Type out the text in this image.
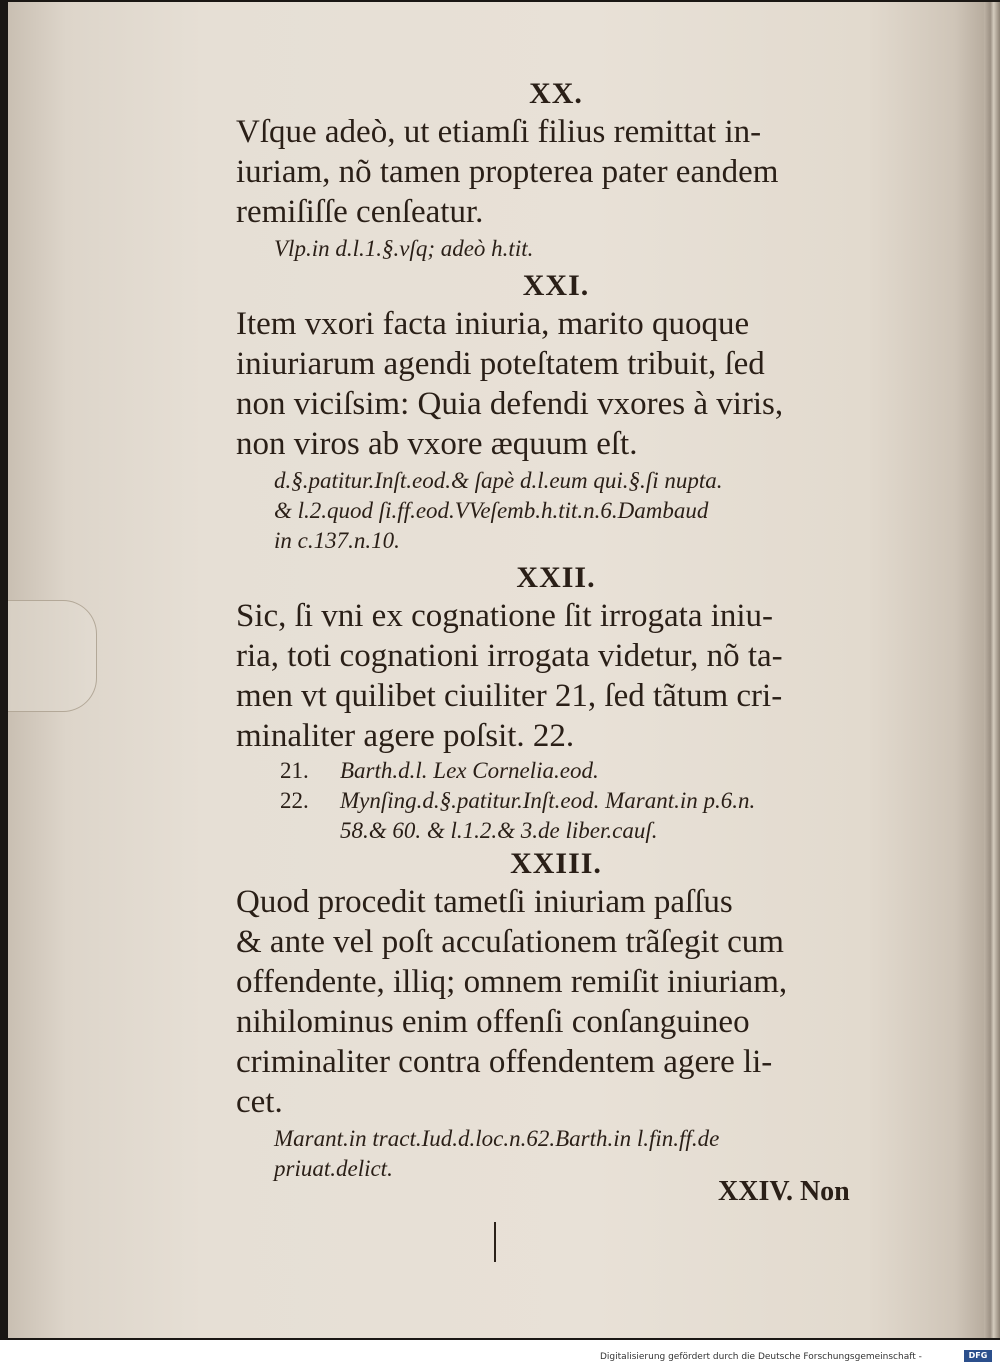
XX.

Vſque adeò, ut etiamſi filius remittat in-
iuriam, nõ tamen propterea pater eandem
remiſiſſe cenſeatur.

Vlp.in d.l.1.§.vſq; adeò h.tit.
XXI.

Item vxori facta iniuria, marito quoque
iniuriarum agendi poteſtatem tribuit, ſed
non viciſsim: Quia defendi vxores à viris,
non viros ab vxore æquum eſt.

d.§.patitur.Inſt.eod.& ſapè d.l.eum qui.§.ſi nupta.
& l.2.quod ſi.ff.eod.VVeſemb.h.tit.n.6.Dambaud
in c.137.n.10.
XXII.

Sic, ſi vni ex cognatione ſit irrogata iniu-
ria, toti cognationi irrogata videtur, nõ ta-
men vt quilibet ciuiliter 21, ſed tãtum cri-
minaliter agere poſsit. 22.

21.	Barth.d.l. Lex Cornelia.eod.
22.	Mynſing.d.§.patitur.Inſt.eod. Marant.in p.6.n.
58.& 60. & l.1.2.& 3.de liber.cauſ.
XXIII.

Quod procedit tametſi iniuriam paſſus
& ante vel poſt accuſationem trãſegit cum
offendente, illiq; omnem remiſit iniuriam,
nihilominus enim offenſi conſanguineo
criminaliter contra offendentem agere li-
cet.

Marant.in tract.Iud.d.loc.n.62.Barth.in l.fin.ff.de
priuat.delict.
XXIV. Non
Digitalisierung gefördert durch die Deutsche Forschungsgemeinschaft -	DFG
